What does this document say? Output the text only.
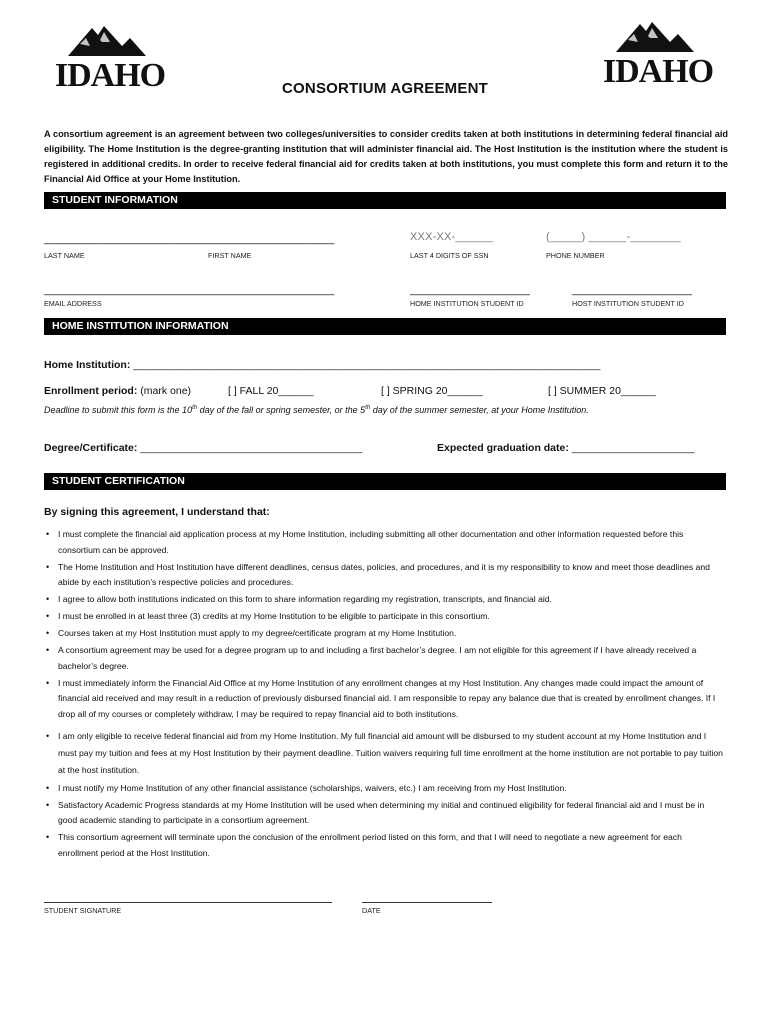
IDAHO	IDAHO
CONSORTIUM AGREEMENT
A consortium agreement is an agreement between two colleges/universities to consider credits taken at both institutions in determining federal financial aid eligibility. The Home Institution is the degree-granting institution that will administer financial aid. The Host Institution is the institution where the student is registered in additional credits. In order to receive federal financial aid for credits taken at both institutions, you must complete this form and return it to the Financial Aid Office at your Home Institution.
STUDENT INFORMATION
______________________________________________	XXX-XX-______	(_____) ______-________
LAST NAME	FIRST NAME	LAST 4 DIGITS OF SSN	PHONE NUMBER
______________________________________________	___________________	___________________
EMAIL ADDRESS	HOME INSTITUTION STUDENT ID	HOST INSTITUTION STUDENT ID
HOME INSTITUTION INFORMATION
Home Institution: ________________________________________________________________________________
Enrollment period: (mark one)	[ ] FALL 20______	[ ] SPRING 20______	[ ] SUMMER 20______
Deadline to submit this form is the 10th day of the fall or spring semester, or the 5th day of the summer semester, at your Home Institution.
Degree/Certificate: ______________________________________	Expected graduation date: _____________________
STUDENT CERTIFICATION
By signing this agreement, I understand that:
• I must complete the financial aid application process at my Home Institution, including submitting all other documentation and other information requested before this consortium can be approved.
• The Home Institution and Host Institution have different deadlines, census dates, policies, and procedures, and it is my responsibility to know and meet those deadlines and abide by each institution’s respective policies and procedures.
• I agree to allow both institutions indicated on this form to share information regarding my registration, transcripts, and financial aid.
• I must be enrolled in at least three (3) credits at my Home Institution to be eligible to participate in this consortium.
• Courses taken at my Host Institution must apply to my degree/certificate program at my Home Institution.
• A consortium agreement may be used for a degree program up to and including a first bachelor’s degree. I am not eligible for this agreement if I have already received a bachelor’s degree.
• I must immediately inform the Financial Aid Office at my Home Institution of any enrollment changes at my Host Institution. Any changes made could impact the amount of financial aid received and may result in a reduction of previously disbursed financial aid. I am responsible to repay any balance due that is created by enrollment changes. If I drop all of my courses or completely withdraw, I may be required to repay financial aid to both institutions.
• I am only eligible to receive federal financial aid from my Home Institution. My full financial aid amount will be disbursed to my student account at my Home Institution and I must pay my tuition and fees at my Host Institution by their payment deadline. Tuition waivers requiring full time enrollment at the home institution are not portable to pay tuition at the host institution.
• I must notify my Home Institution of any other financial assistance (scholarships, waivers, etc.) I am receiving from my Host Institution.
• Satisfactory Academic Progress standards at my Home Institution will be used when determining my initial and continued eligibility for federal financial aid and I must be in good academic standing to participate in a consortium agreement.
• This consortium agreement will terminate upon the conclusion of the enrollment period listed on this form, and that I will need to negotiate a new agreement for each enrollment period at the Host Institution.
STUDENT SIGNATURE	DATE
